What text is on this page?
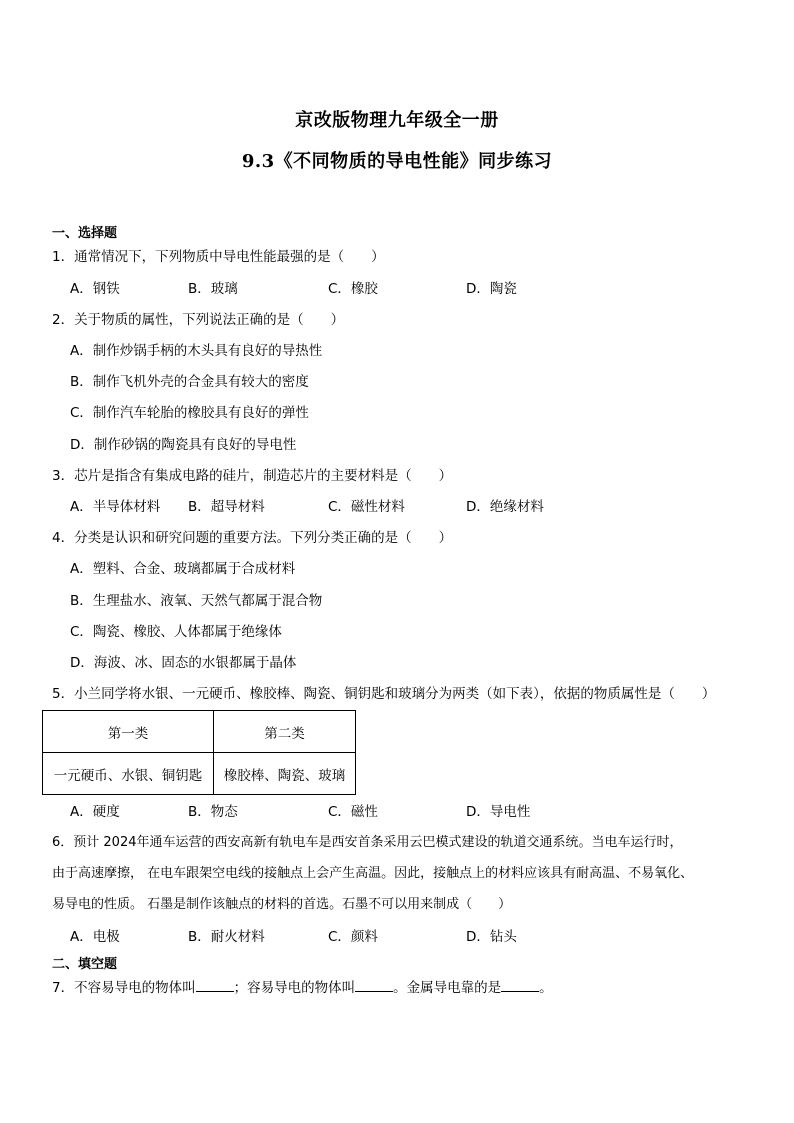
京改版物理九年级全一册
9.3《不同物质的导电性能》同步练习
一、选择题
1．通常情况下，下列物质中导电性能最强的是（　　）
A．钢铁	B．玻璃	C．橡胶	D．陶瓷
2．关于物质的属性，下列说法正确的是（　　）
A．制作炒锅手柄的木头具有良好的导热性
B．制作飞机外壳的合金具有较大的密度
C．制作汽车轮胎的橡胶具有良好的弹性
D．制作砂锅的陶瓷具有良好的导电性
3．芯片是指含有集成电路的硅片，制造芯片的主要材料是（　　）
A．半导体材料 B．超导材料	C．磁性材料	D．绝缘材料
4．分类是认识和研究问题的重要方法。下列分类正确的是（　　）
A．塑料、合金、玻璃都属于合成材料
B．生理盐水、液氧、天然气都属于混合物
C．陶瓷、橡胶、人体都属于绝缘体
D．海波、冰、固态的水银都属于晶体
5．小兰同学将水银、一元硬币、橡胶棒、陶瓷、铜钥匙和玻璃分为两类（如下表），依据的物质属性是（　　）
第一类	第二类
一元硬币、水银、铜钥匙	橡胶棒、陶瓷、玻璃
A．硬度	B．物态	C．磁性	D．导电性
6．预计 2024年通车运营的西安高新有轨电车是西安首条采用云巴模式建设的轨道交通系统。当电车运行时，
由于高速摩擦， 在电车跟架空电线的接触点上会产生高温。因此，接触点上的材料应该具有耐高温、不易氧化、
易导电的性质。 石墨是制作该触点的材料的首选。石墨不可以用来制成（　　）
A．电极	B．耐火材料	C．颜料	D．钻头
二、填空题
7．不容易导电的物体叫	；容易导电的物体叫	。金属导电靠的是	。
